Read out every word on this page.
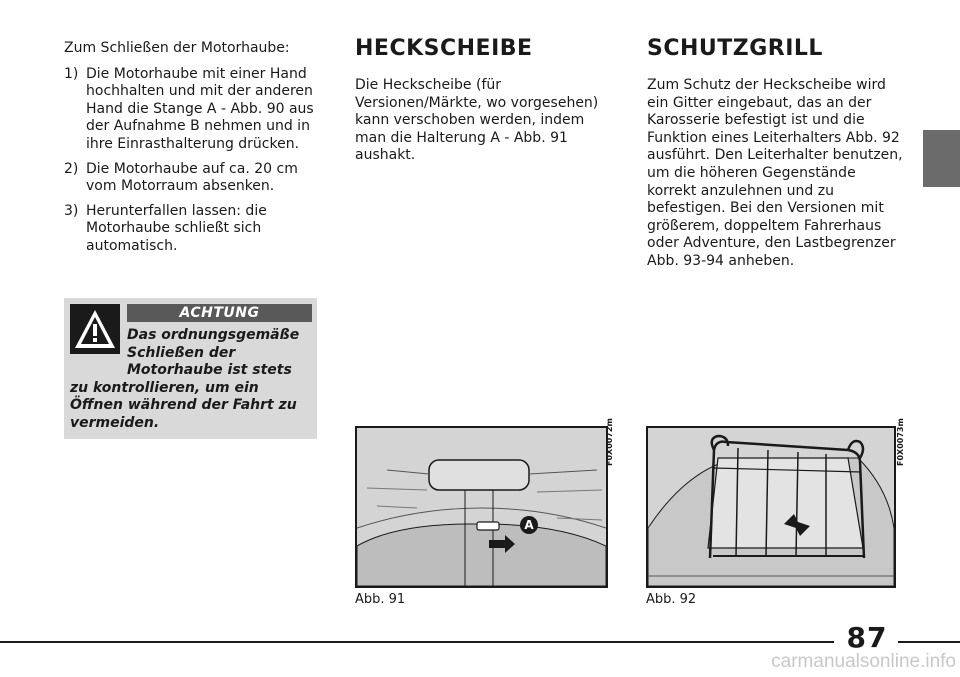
Zum Schließen der Motorhaube:

1) Die Motorhaube mit einer Hand hochhalten und mit der anderen Hand die Stange A - Abb. 90 aus der Aufnahme B nehmen und in ihre Einrasthalterung drücken.
2) Die Motorhaube auf ca. 20 cm vom Motorraum absenken.
3) Herunterfallen lassen: die Motorhaube schließt sich automatisch.
ACHTUNG

Das ordnungsgemäße Schließen der Motorhaube ist stets zu kontrollieren, um ein Öffnen während der Fahrt zu vermeiden.

HECKSCHEIBE

Die Heckscheibe (für Versionen/Märkte, wo vorgesehen) kann verschoben werden, indem man die Halterung A - Abb. 91 aushakt.

SCHUTZGRILL

Zum Schutz der Heckscheibe wird ein Gitter eingebaut, das an der Karosserie befestigt ist und die Funktion eines Leiterhalters Abb. 92 ausführt. Den Leiterhalter benutzen, um die höheren Gegenstände korrekt anzulehnen und zu befestigen. Bei den Versionen mit größerem, doppeltem Fahrerhaus oder Adventure, den Lastbegrenzer Abb. 93-94 anheben.

A
F0X0072m
Abb. 91
F0X0073m
Abb. 92
87
carmanualsonline.info
